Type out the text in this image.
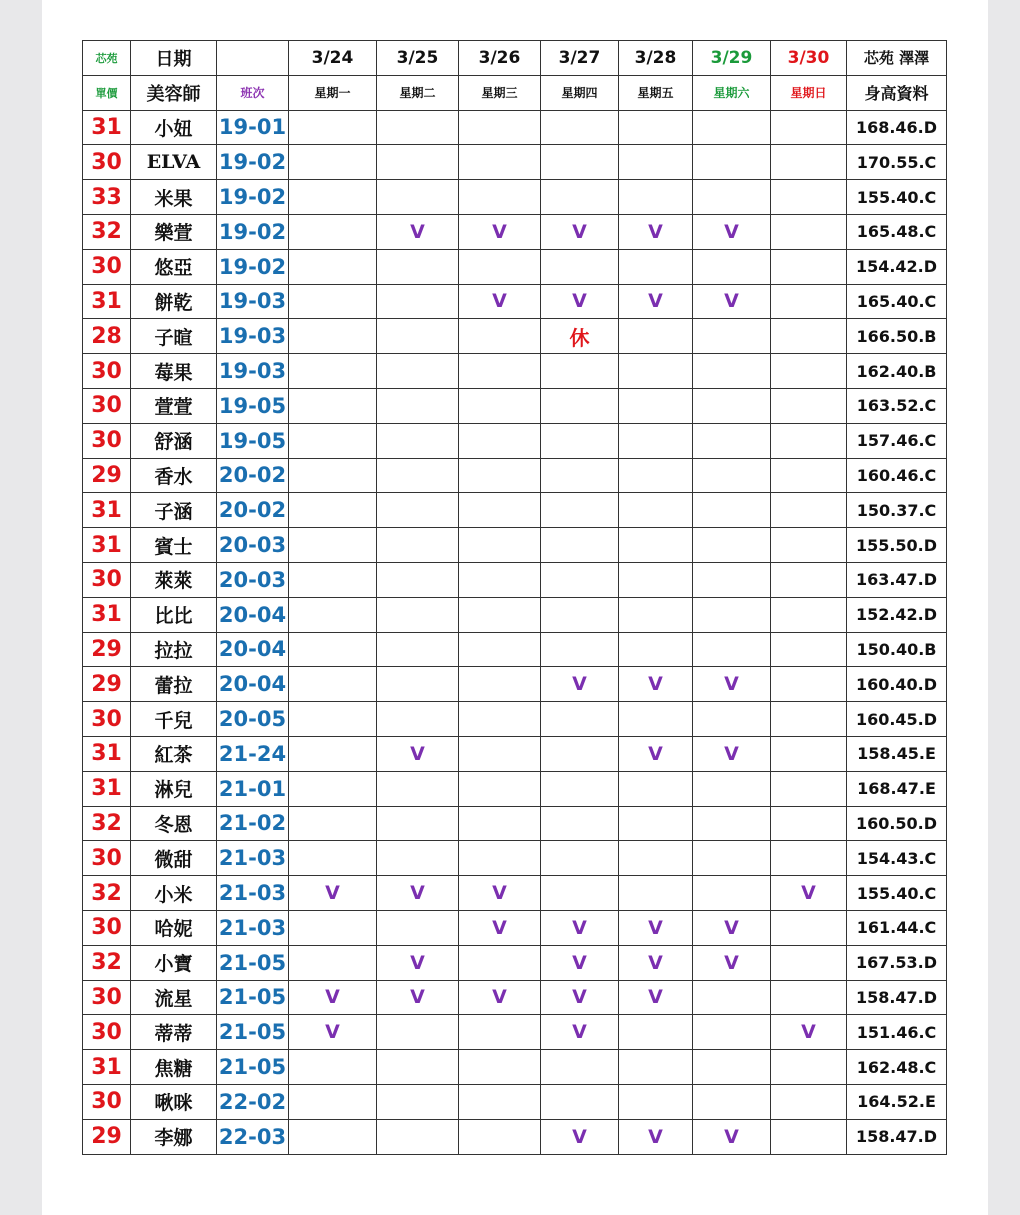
芯苑	日期		3/24	3/25	3/26	3/27	3/28	3/29	3/30	芯苑 澤澤
單價	美容師	班次	星期一	星期二	星期三	星期四	星期五	星期六	星期日	身高資料
31	小妞	19-01								168.46.D
30	ELVA	19-02								170.55.C
33	米果	19-02								155.40.C
32	樂萱	19-02		V	V	V	V	V		165.48.C
30	悠亞	19-02								154.42.D
31	餅乾	19-03			V	V	V	V		165.40.C
28	子暄	19-03				休				166.50.B
30	莓果	19-03								162.40.B
30	萱萱	19-05								163.52.C
30	舒涵	19-05								157.46.C
29	香水	20-02								160.46.C
31	子涵	20-02								150.37.C
31	賓士	20-03								155.50.D
30	萊萊	20-03								163.47.D
31	比比	20-04								152.42.D
29	拉拉	20-04								150.40.B
29	蕾拉	20-04				V	V	V		160.40.D
30	千兒	20-05								160.45.D
31	紅茶	21-24		V			V	V		158.45.E
31	淋兒	21-01								168.47.E
32	冬恩	21-02								160.50.D
30	微甜	21-03								154.43.C
32	小米	21-03	V	V	V				V	155.40.C
30	哈妮	21-03			V	V	V	V		161.44.C
32	小寶	21-05		V		V	V	V		167.53.D
30	流星	21-05	V	V	V	V	V			158.47.D
30	蒂蒂	21-05	V			V			V	151.46.C
31	焦糖	21-05								162.48.C
30	啾咪	22-02								164.52.E
29	李娜	22-03				V	V	V		158.47.D
